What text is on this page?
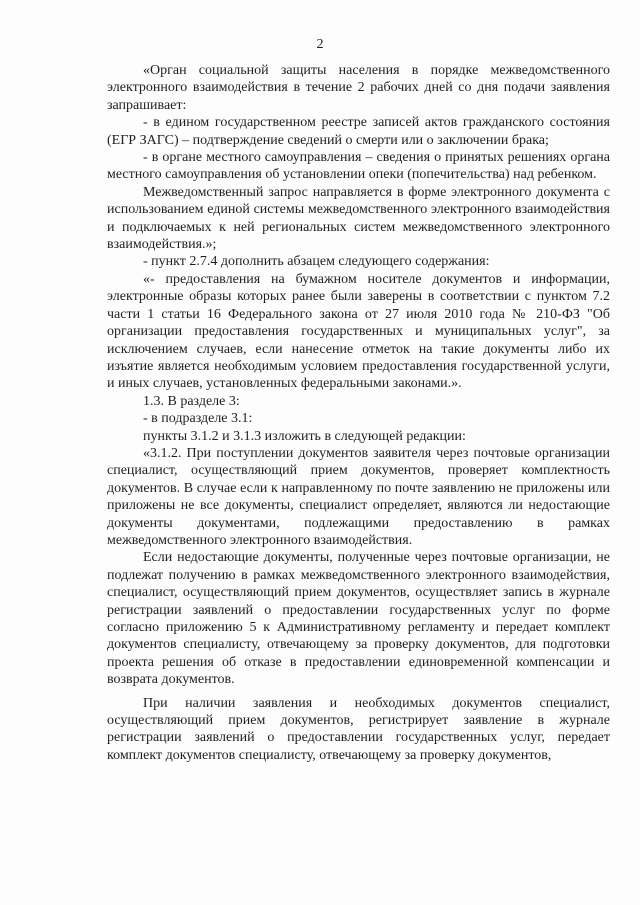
2

«Орган социальной защиты населения в порядке межведомственного электронного взаимодействия в течение 2 рабочих дней со дня подачи заявления запрашивает:

- в едином государственном реестре записей актов гражданского состояния (ЕГР ЗАГС) – подтверждение сведений о смерти или о заключении брака;

- в органе местного самоуправления – сведения о принятых решениях органа местного самоуправления об установлении опеки (попечительства) над ребенком.

Межведомственный запрос направляется в форме электронного документа с использованием единой системы межведомственного электронного взаимодействия и подключаемых к ней региональных систем межведомственного электронного взаимодействия.»;

- пункт 2.7.4 дополнить абзацем следующего содержания:

«- предоставления на бумажном носителе документов и информации, электронные образы которых ранее были заверены в соответствии с пунктом 7.2 части 1 статьи 16 Федерального закона от 27 июля 2010 года № 210-ФЗ "Об организации предоставления государственных и муниципальных услуг", за исключением случаев, если нанесение отметок на такие документы либо их изъятие является необходимым условием предоставления государственной услуги, и иных случаев, установленных федеральными законами.».

1.3. В разделе 3:

- в подразделе 3.1:

пункты 3.1.2 и 3.1.3 изложить в следующей редакции:

«3.1.2. При поступлении документов заявителя через почтовые организации специалист, осуществляющий прием документов, проверяет комплектность документов. В случае если к направленному по почте заявлению не приложены или приложены не все документы, специалист определяет, являются ли недостающие документы документами, подлежащими предоставлению в рамках межведомственного электронного взаимодействия.

Если недостающие документы, полученные через почтовые организации, не подлежат получению в рамках межведомственного электронного взаимодействия, специалист, осуществляющий прием документов, осуществляет запись в журнале регистрации заявлений о предоставлении государственных услуг по форме согласно приложению 5 к Административному регламенту и передает комплект документов специалисту, отвечающему за проверку документов, для подготовки проекта решения об отказе в предоставлении единовременной компенсации и возврата документов.

При наличии заявления и необходимых документов специалист, осуществляющий прием документов, регистрирует заявление в журнале регистрации заявлений о предоставлении государственных услуг, передает комплект документов специалисту, отвечающему за проверку документов,
